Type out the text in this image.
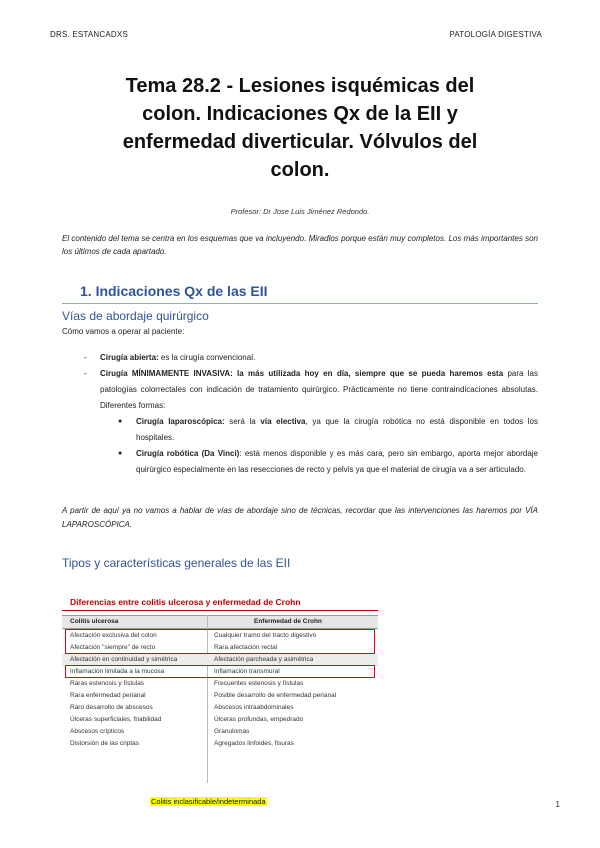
DRS. ESTANCADXS	PATOLOGÍA DIGESTIVA
Tema 28.2 - Lesiones isquémicas del colon. Indicaciones Qx de la EII y enfermedad diverticular. Vólvulos del colon.
Profesor: Dr Jose Luis Jiménez Redondo.
El contenido del tema se centra en los esquemas que va incluyendo. Miradlos porque están muy completos. Los más importantes son los últimos de cada apartado.
1. Indicaciones Qx de las EII
Vías de abordaje quirúrgico
Cómo vamos a operar al paciente:
- Cirugía abierta: es la cirugía convencional.
- Cirugía MÍNIMAMENTE INVASIVA: la más utilizada hoy en día, siempre que se pueda haremos esta para las patologías colorrectales con indicación de tratamiento quirúrgico. Prácticamente no tiene contraindicaciones absolutas. Diferentes formas:
● Cirugía laparoscópica: será la vía electiva, ya que la cirugía robótica no está disponible en todos los hospitales.
● Cirugía robótica (Da Vinci): está menos disponible y es más cara, pero sin embargo, aporta mejor abordaje quirúrgico especialmente en las resecciones de recto y pelvis ya que el material de cirugía va a ser articulado.
A partir de aquí ya no vamos a hablar de vías de abordaje sino de técnicas, recordar que las intervenciones las haremos por VÍA LAPAROSCÓPICA.
Tipos y características generales de las EII
Diferencias entre colitis ulcerosa y enfermedad de Crohn
Colitis ulcerosa	Enfermedad de Crohn
Afectación exclusiva del colon	Cualquier tramo del tracto digestivo
Afectación "siempre" de recto	Rara afectación rectal
Afectación en continuidad y simétrica	Afectación parcheada y asimétrica
Inflamación limitada a la mucosa	Inflamación transmural
Raras estenosis y fístulas	Frecuentes estenosis y fístulas
Rara enfermedad perianal	Posible desarrollo de enfermedad perianal
Raro desarrollo de abscesos	Abscesos intraabdominales
Úlceras superficiales, friabilidad	Úlceras profundas, empedrado
Abscesos crípticos	Granulomas
Distorsión de las criptas	Agregados linfoides, fisuras
Colitis inclasificable/indeterminada	1
